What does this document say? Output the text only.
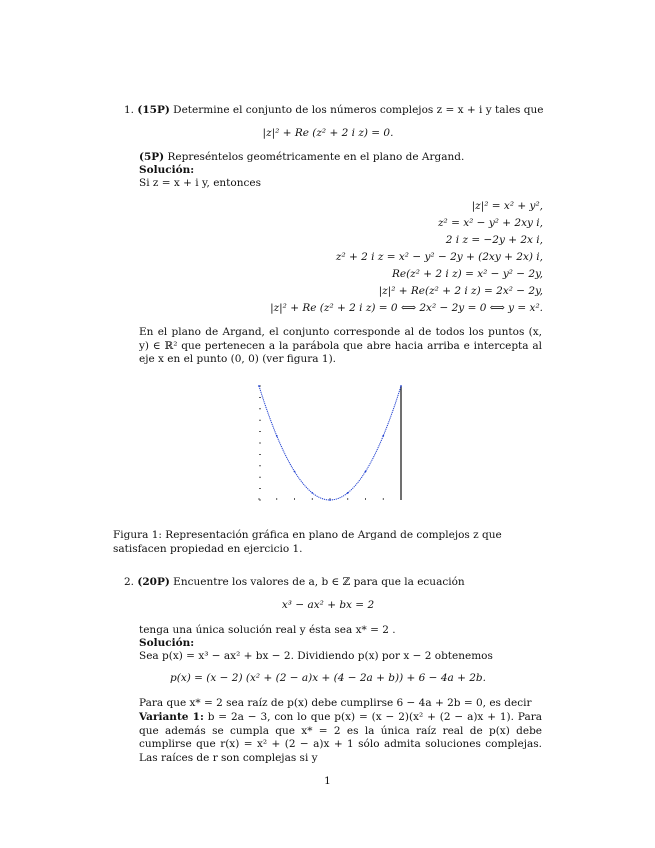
1. (15P) Determine el conjunto de los números complejos z = x + i y tales que
|z|² + Re (z² + 2 i z) = 0.
(5P) Represéntelos geométricamente en el plano de Argand.
Solución:
Si z = x + i y, entonces
|z|² = x² + y²,
z² = x² − y² + 2xy i,
2 i z = −2y + 2x i,
z² + 2 i z = x² − y² − 2y + (2xy + 2x) i,
Re(z² + 2 i z) = x² − y² − 2y,
|z|² + Re(z² + 2 i z) = 2x² − 2y,
|z|² + Re (z² + 2 i z) = 0 ⟺ 2x² − 2y = 0 ⟺ y = x².
En el plano de Argand, el conjunto corresponde al de todos los puntos (x, y) ∈ ℝ² que pertenecen a la parábola que abre hacia arriba e intercepta al eje x en el punto (0, 0) (ver figura 1).
Figura 1: Representación gráfica en plano de Argand de complejos z que satisfacen propiedad en ejercicio 1.
2. (20P) Encuentre los valores de a, b ∈ ℤ para que la ecuación
x³ − ax² + bx = 2
tenga una única solución real y ésta sea x* = 2 .
Solución:
Sea p(x) = x³ − ax² + bx − 2. Dividiendo p(x) por x − 2 obtenemos
p(x) = (x − 2) (x² + (2 − a)x + (4 − 2a + b)) + 6 − 4a + 2b.
Para que x* = 2 sea raíz de p(x) debe cumplirse 6 − 4a + 2b = 0, es decir
Variante 1: b = 2a − 3, con lo que p(x) = (x − 2)(x² + (2 − a)x + 1). Para que además se cumpla que x* = 2 es la única raíz real de p(x) debe cumplirse que r(x) = x² + (2 − a)x + 1 sólo admita soluciones complejas. Las raíces de r son complejas si y
1
